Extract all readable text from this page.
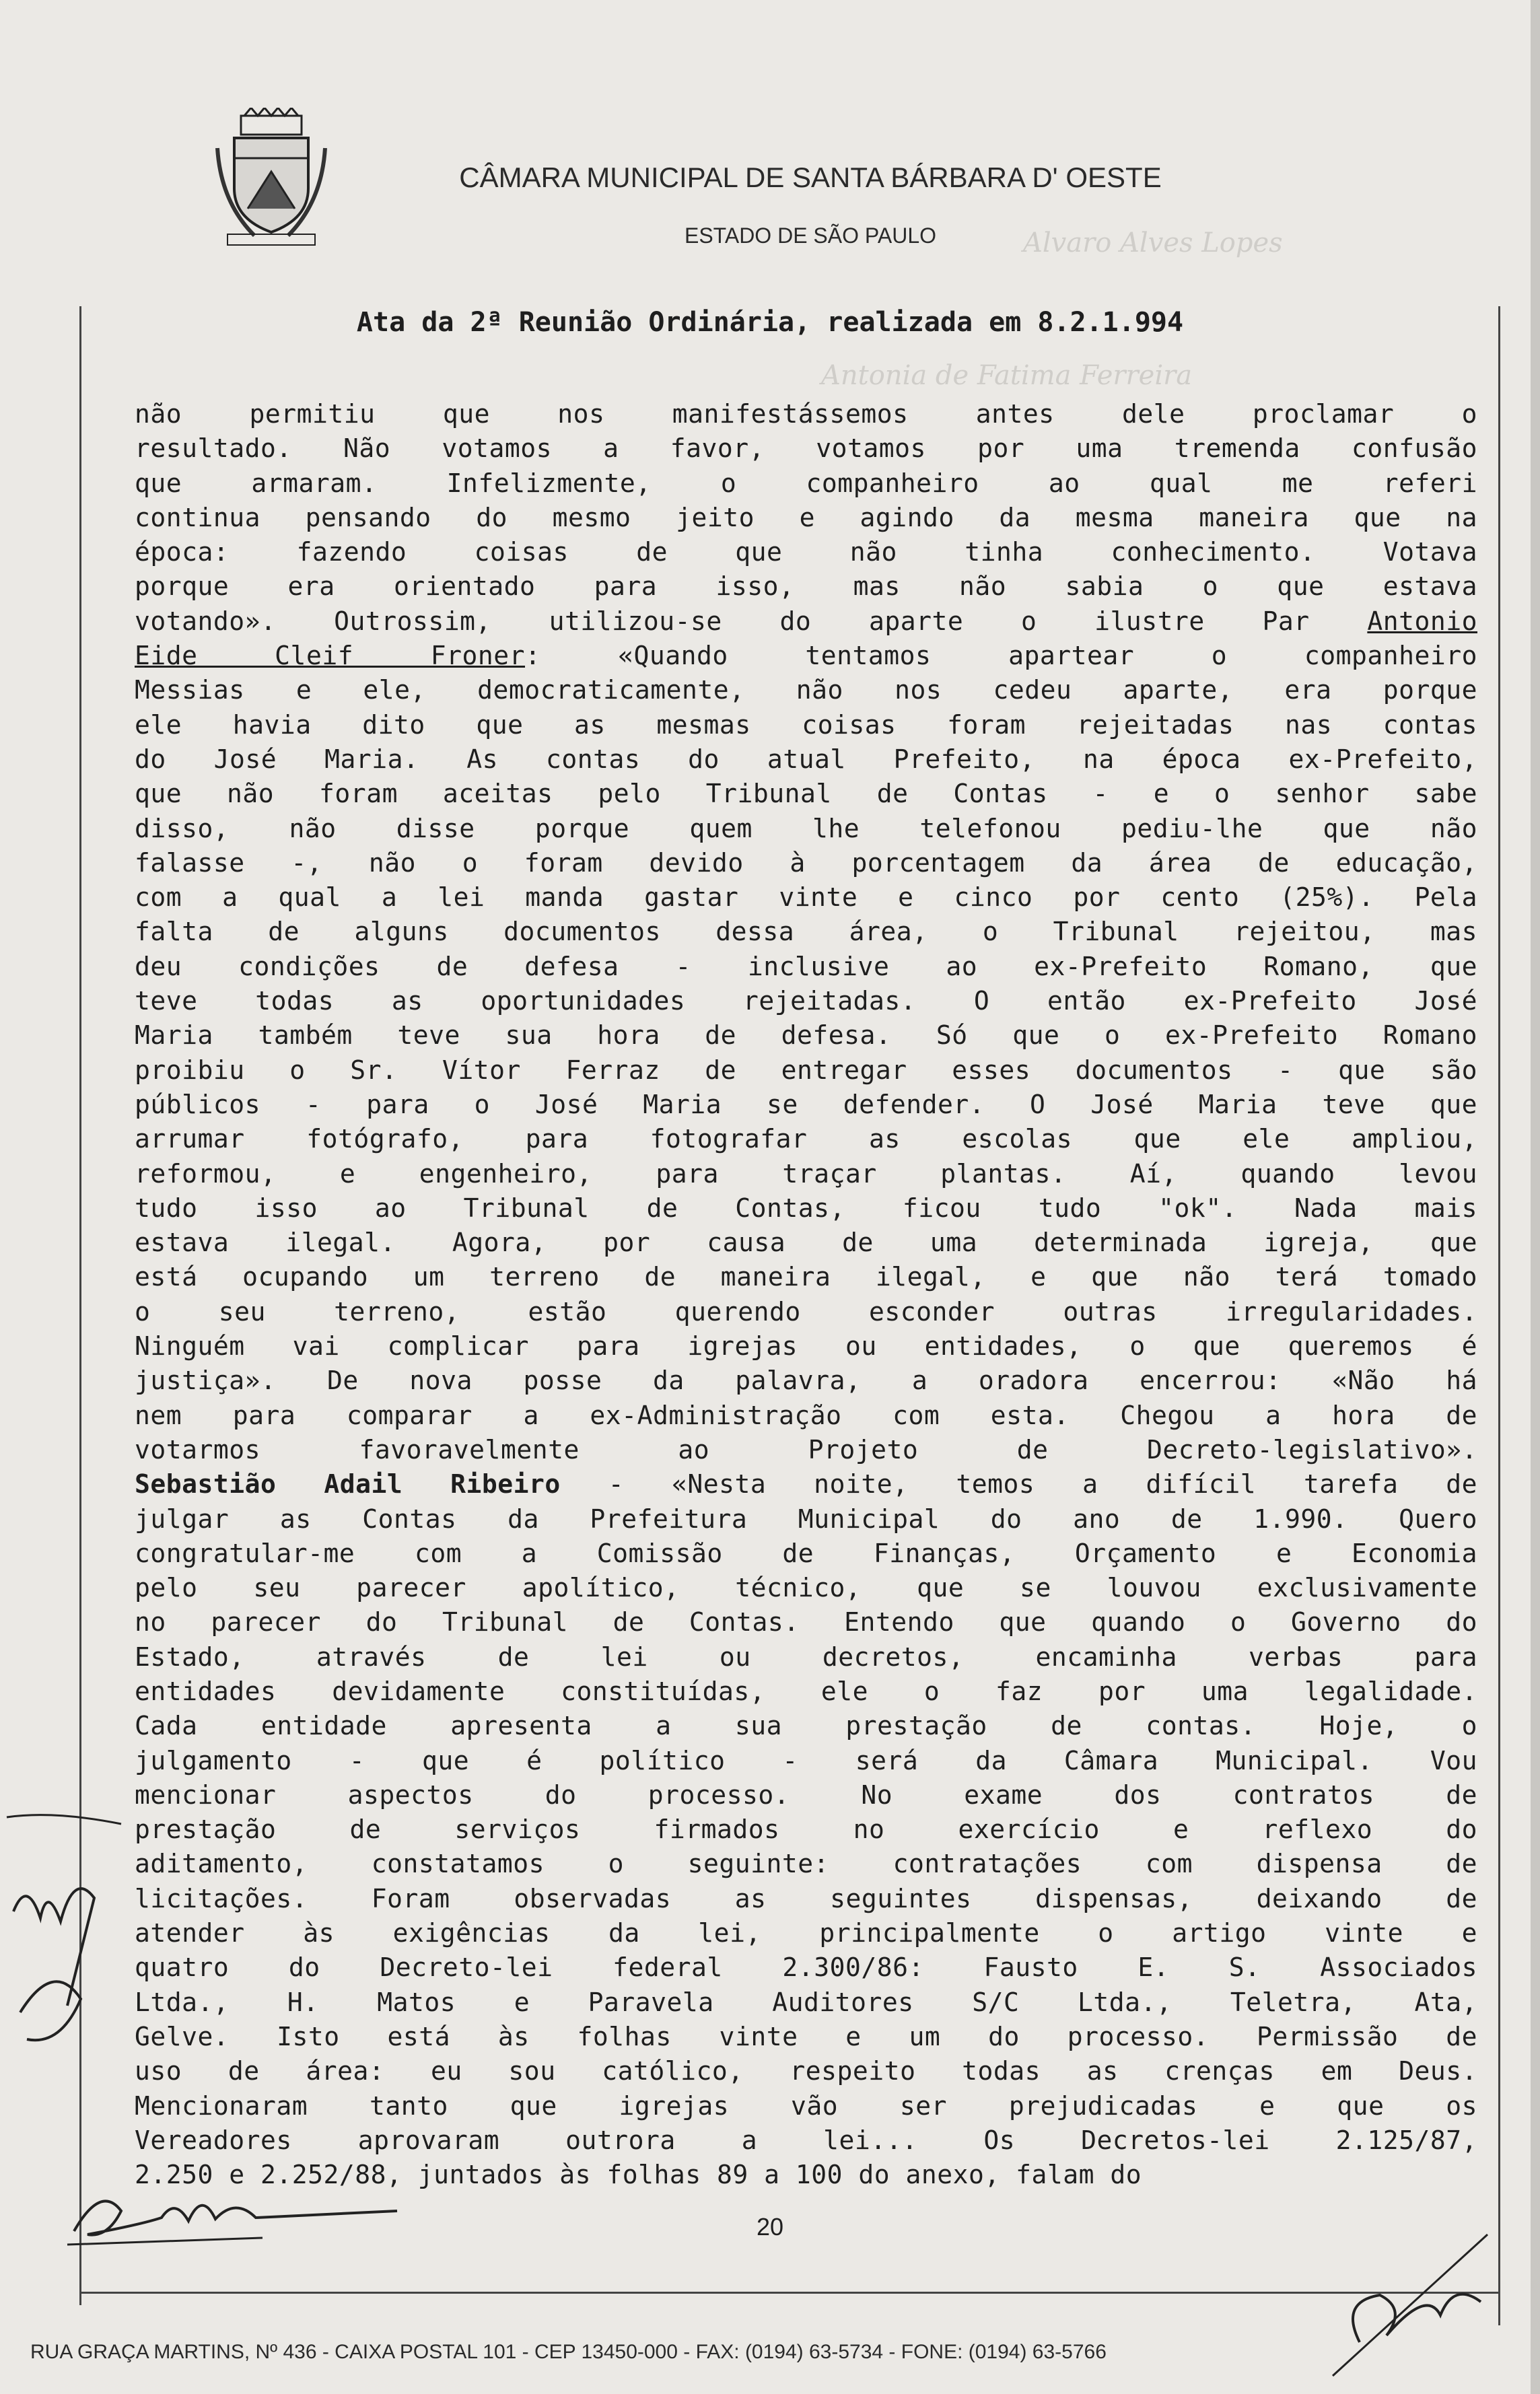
Alvaro Alves Lopes
Antonia de Fatima Ferreira
CÂMARA MUNICIPAL DE SANTA BÁRBARA D' OESTE
ESTADO DE SÃO PAULO
Ata da 2ª Reunião Ordinária, realizada em 8.2.1.994
não permitiu que nos manifestássemos antes dele proclamar o
resultado. Não votamos a favor, votamos por uma tremenda confusão
que armaram. Infelizmente, o companheiro ao qual me referi
continua pensando do mesmo jeito e agindo da mesma maneira que na
época: fazendo coisas de que não tinha conhecimento. Votava
porque era orientado para isso, mas não sabia o que estava
votando». Outrossim, utilizou-se do aparte o ilustre Par Antonio
Eide Cleif Froner: «Quando tentamos apartear o companheiro
Messias e ele, democraticamente, não nos cedeu aparte, era porque
ele havia dito que as mesmas coisas foram rejeitadas nas contas
do José Maria. As contas do atual Prefeito, na época ex-Prefeito,
que não foram aceitas pelo Tribunal de Contas - e o senhor sabe
disso, não disse porque quem lhe telefonou pediu-lhe que não
falasse -, não o foram devido à porcentagem da área de educação,
com a qual a lei manda gastar vinte e cinco por cento (25%). Pela
falta de alguns documentos dessa área, o Tribunal rejeitou, mas
deu condições de defesa - inclusive ao ex-Prefeito Romano, que
teve todas as oportunidades rejeitadas. O então ex-Prefeito José
Maria também teve sua hora de defesa. Só que o ex-Prefeito Romano
proibiu o Sr. Vítor Ferraz de entregar esses documentos - que são
públicos - para o José Maria se defender. O José Maria teve que
arrumar fotógrafo, para fotografar as escolas que ele ampliou,
reformou, e engenheiro, para traçar plantas. Aí, quando levou
tudo isso ao Tribunal de Contas, ficou tudo "ok". Nada mais
estava ilegal. Agora, por causa de uma determinada igreja, que
está ocupando um terreno de maneira ilegal, e que não terá tomado
o seu terreno, estão querendo esconder outras irregularidades.
Ninguém vai complicar para igrejas ou entidades, o que queremos é
justiça». De nova posse da palavra, a oradora encerrou: «Não há
nem para comparar a ex-Administração com esta. Chegou a hora de
votarmos favoravelmente ao Projeto de Decreto-legislativo».
Sebastião Adail Ribeiro - «Nesta noite, temos a difícil tarefa de
julgar as Contas da Prefeitura Municipal do ano de 1.990. Quero
congratular-me com a Comissão de Finanças, Orçamento e Economia
pelo seu parecer apolítico, técnico, que se louvou exclusivamente
no parecer do Tribunal de Contas. Entendo que quando o Governo do
Estado, através de lei ou decretos, encaminha verbas para
entidades devidamente constituídas, ele o faz por uma legalidade.
Cada entidade apresenta a sua prestação de contas. Hoje, o
julgamento - que é político - será da Câmara Municipal. Vou
mencionar aspectos do processo. No exame dos contratos de
prestação de serviços firmados no exercício e reflexo do
aditamento, constatamos o seguinte: contratações com dispensa de
licitações. Foram observadas as seguintes dispensas, deixando de
atender às exigências da lei, principalmente o artigo vinte e
quatro do Decreto-lei federal 2.300/86: Fausto E. S. Associados
Ltda., H. Matos e Paravela Auditores S/C Ltda., Teletra, Ata,
Gelve. Isto está às folhas vinte e um do processo. Permissão de
uso de área: eu sou católico, respeito todas as crenças em Deus.
Mencionaram tanto que igrejas vão ser prejudicadas e que os
Vereadores aprovaram outrora a lei... Os Decretos-lei 2.125/87,
2.250 e 2.252/88, juntados às folhas 89 a 100 do anexo, falam do
20
RUA GRAÇA MARTINS, Nº 436 - CAIXA POSTAL 101 - CEP 13450-000 - FAX: (0194) 63-5734 - FONE: (0194) 63-5766
